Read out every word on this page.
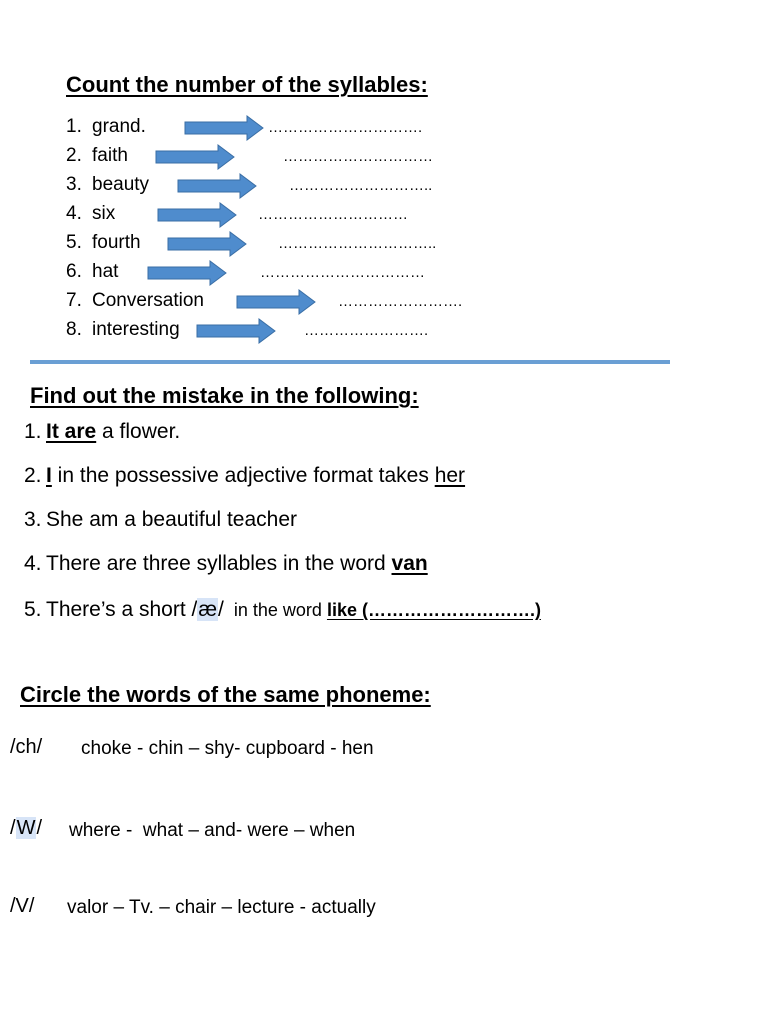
Count the number of the syllables:
1. grand.	………………………….
2. faith	…………………………
3. beauty	………………………..
4. six	…………………………
5. fourth	…………………………..
6. hat	……………………………
7. Conversation	…………………….
8. interesting	…………………….
Find out the mistake in the following:
1. It are a flower.
2. I in the possessive adjective format takes her
3. She am a beautiful teacher
4. There are three syllables in the word van
5. There’s a short /æ/  in the word like (……………………….)
Circle the words of the same phoneme:
/ch/ choke - chin – shy- cupboard - hen
/W/ where -  what – and- were – when
/V/ valor – Tv. – chair – lecture - actually
